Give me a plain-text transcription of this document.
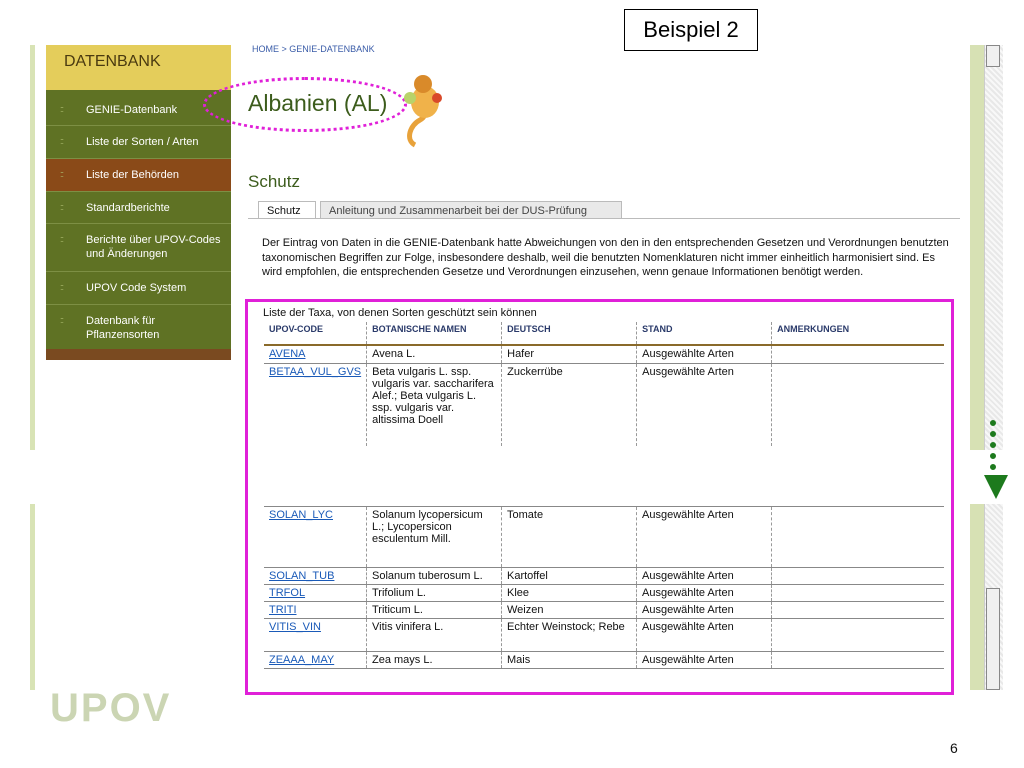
DATENBANK
:: GENIE-Datenbank
:: Liste der Sorten / Arten
:: Liste der Behörden
:: Standardberichte
:: Berichte über UPOV-Codes und Änderungen
:: UPOV Code System
:: Datenbank für Pflanzensorten
Beispiel 2
HOME > GENIE-DATENBANK
Albanien (AL)
Schutz
Schutz	Anleitung und Zusammenarbeit bei der DUS-Prüfung
Der Eintrag von Daten in die GENIE-Datenbank hatte Abweichungen von den in den entsprechenden Gesetzen und Verordnungen benutzten taxonomischen Begriffen zur Folge, insbesondere deshalb, weil die benutzten Nomenklaturen nicht immer einheitlich harmonisiert sind. Es wird empfohlen, die entsprechenden Gesetze und Verordnungen einzusehen, wenn genaue Informationen benötigt werden.
Liste der Taxa, von denen Sorten geschützt sein können
UPOV-CODE	BOTANISCHE NAMEN	DEUTSCH	STAND	ANMERKUNGEN
AVENA	Avena L.	Hafer	Ausgewählte Arten	
BETAA_VUL_GVS	Beta vulgaris L. ssp. vulgaris var. saccharifera Alef.; Beta vulgaris L. ssp. vulgaris var. altissima Doell	Zuckerrübe	Ausgewählte Arten	
SOLAN_LYC	Solanum lycopersicum L.; Lycopersicon esculentum Mill.	Tomate	Ausgewählte Arten	
SOLAN_TUB	Solanum tuberosum L.	Kartoffel	Ausgewählte Arten	
TRFOL	Trifolium L.	Klee	Ausgewählte Arten	
TRITI	Triticum L.	Weizen	Ausgewählte Arten	
VITIS_VIN	Vitis vinifera L.	Echter Weinstock; Rebe	Ausgewählte Arten	
ZEAAA_MAY	Zea mays L.	Mais	Ausgewählte Arten	
UPOV
6
